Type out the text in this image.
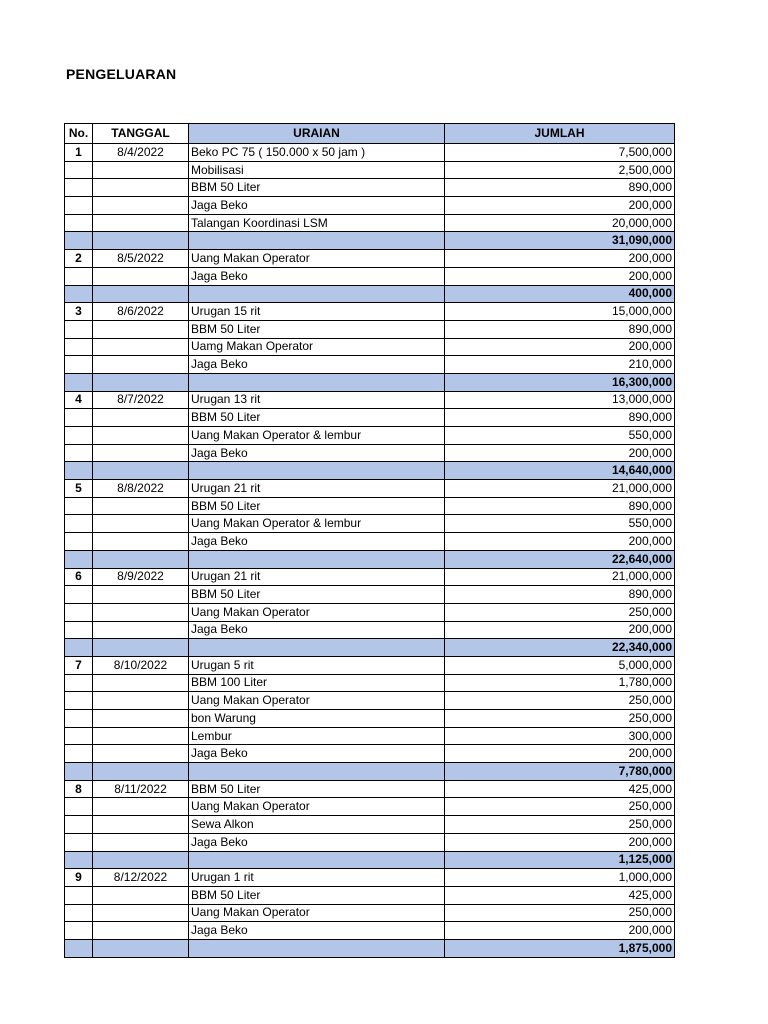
PENGELUARAN
No.	TANGGAL	URAIAN	JUMLAH
1	8/4/2022	Beko PC 75 ( 150.000 x 50 jam )	7,500,000
		Mobilisasi	2,500,000
		BBM 50 Liter	890,000
		Jaga Beko	200,000
		Talangan Koordinasi LSM	20,000,000
			31,090,000
2	8/5/2022	Uang Makan Operator	200,000
		Jaga Beko	200,000
			400,000
3	8/6/2022	Urugan 15 rit	15,000,000
		BBM 50 Liter	890,000
		Uamg Makan Operator	200,000
		Jaga Beko	210,000
			16,300,000
4	8/7/2022	Urugan 13 rit	13,000,000
		BBM 50 Liter	890,000
		Uang Makan Operator & lembur	550,000
		Jaga Beko	200,000
			14,640,000
5	8/8/2022	Urugan 21 rit	21,000,000
		BBM 50 Liter	890,000
		Uang Makan Operator & lembur	550,000
		Jaga Beko	200,000
			22,640,000
6	8/9/2022	Urugan 21 rit	21,000,000
		BBM 50 Liter	890,000
		Uang Makan Operator	250,000
		Jaga Beko	200,000
			22,340,000
7	8/10/2022	Urugan 5 rit	5,000,000
		BBM 100 Liter	1,780,000
		Uang Makan Operator	250,000
		bon Warung	250,000
		Lembur	300,000
		Jaga Beko	200,000
			7,780,000
8	8/11/2022	BBM 50 Liter	425,000
		Uang Makan Operator	250,000
		Sewa Alkon	250,000
		Jaga Beko	200,000
			1,125,000
9	8/12/2022	Urugan 1 rit	1,000,000
		BBM 50 Liter	425,000
		Uang Makan Operator	250,000
		Jaga Beko	200,000
			1,875,000
